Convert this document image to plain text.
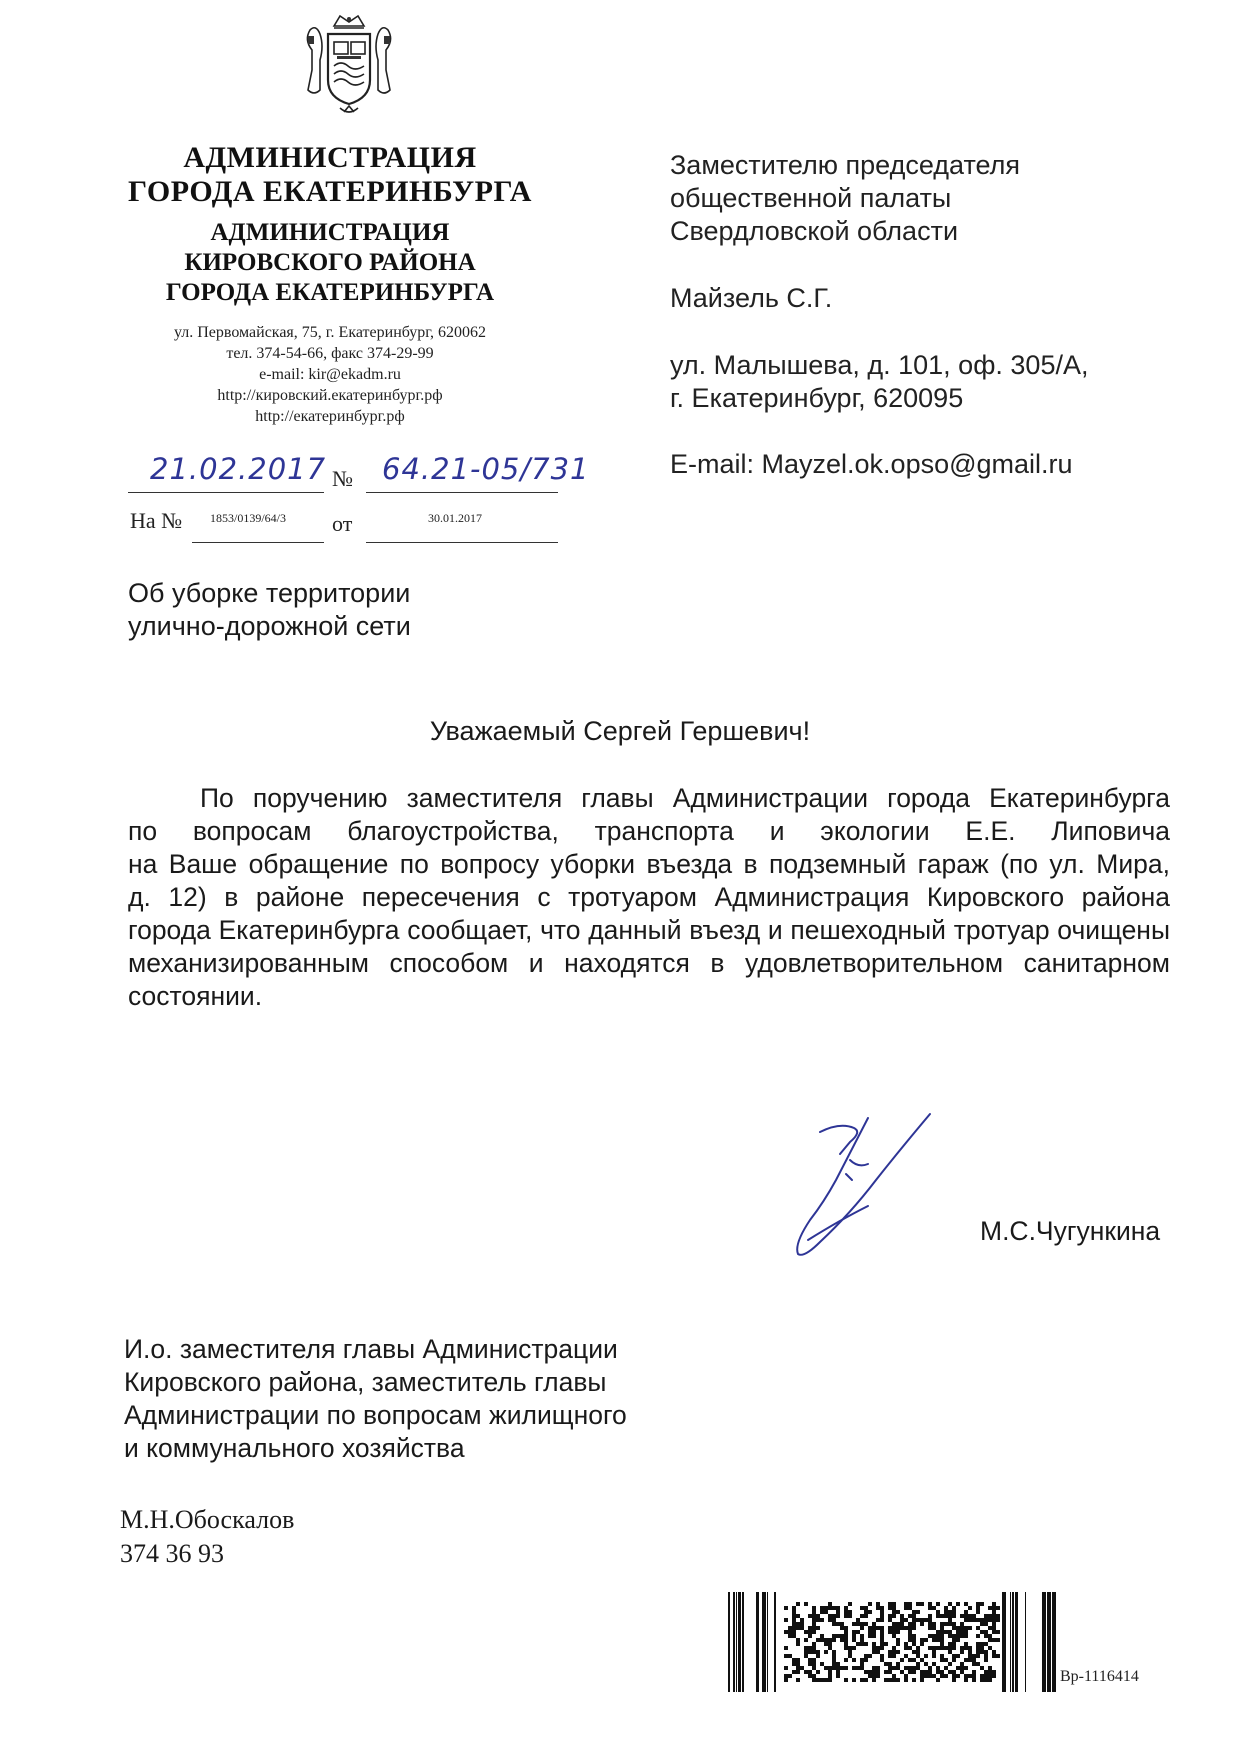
АДМИНИСТРАЦИЯ
ГОРОДА ЕКАТЕРИНБУРГА
АДМИНИСТРАЦИЯ
КИРОВСКОГО РАЙОНА
ГОРОДА ЕКАТЕРИНБУРГА
ул. Первомайская, 75, г. Екатеринбург, 620062
тел. 374-54-66, факс 374-29-99
e-mail: kir@ekadm.ru
http://кировский.екатеринбург.рф
http://екатеринбург.рф
21.02.2017 № 64.21-05/731
На № 1853/0139/64/3 от	30.01.2017
Заместителю председателя
общественной палаты
Свердловской области
Майзель С.Г.
ул. Малышева, д. 101, оф. 305/А,
г. Екатеринбург, 620095
E-mail: Mayzel.ok.opso@gmail.ru
Об уборке территории
улично-дорожной сети
Уважаемый Сергей Гершевич!
По поручению заместителя главы Администрации города Екатеринбурга
по вопросам благоустройства, транспорта и экологии Е.Е. Липовича
на Ваше обращение по вопросу уборки въезда в подземный гараж (по ул. Мира,
д. 12) в районе пересечения с тротуаром Администрация Кировского района
города Екатеринбурга сообщает, что данный въезд и пешеходный тротуар очищены
механизированным способом и находятся в удовлетворительном санитарном
состоянии.
И.о. заместителя главы Администрации
Кировского района, заместитель главы
Администрации по вопросам жилищного
и коммунального хозяйства
М.С.Чугункина
М.Н.Обоскалов
374 36 93
Вр-1116414
